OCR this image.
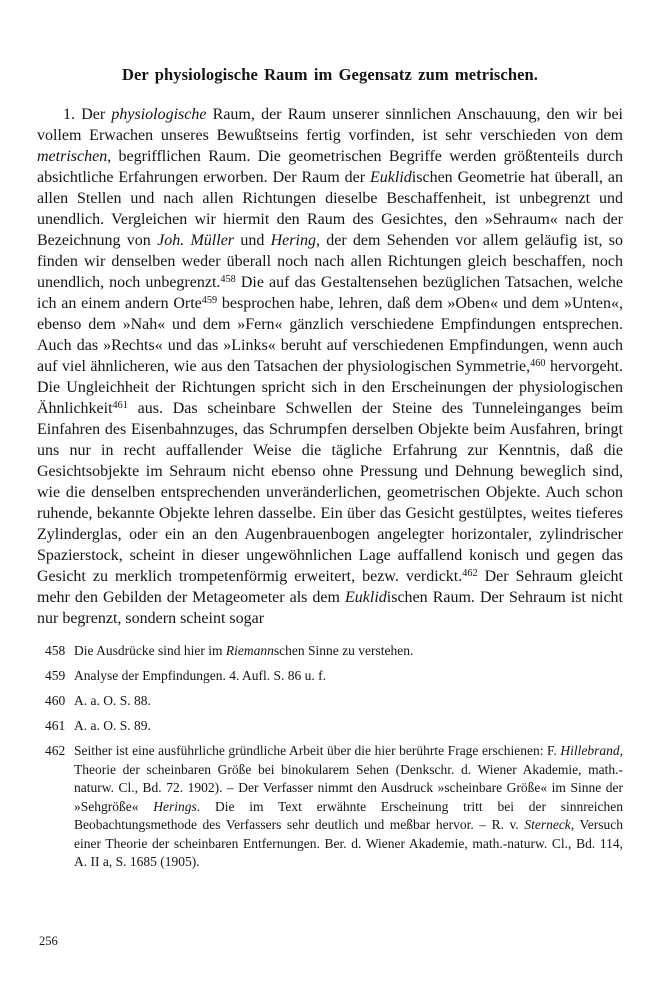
Der physiologische Raum im Gegensatz zum metrischen.

1. Der physiologische Raum, der Raum unserer sinnlichen Anschauung, den wir bei vollem Erwachen unseres Bewußtseins fertig vorfinden, ist sehr verschieden von dem metrischen, begrifflichen Raum. Die geometrischen Begriffe werden größtenteils durch absichtliche Erfahrungen erworben. Der Raum der Euklidischen Geometrie hat überall, an allen Stellen und nach allen Richtungen dieselbe Beschaffenheit, ist unbegrenzt und unendlich. Vergleichen wir hiermit den Raum des Gesichtes, den »Sehraum« nach der Bezeichnung von Joh. Müller und Hering, der dem Sehenden vor allem geläufig ist, so finden wir denselben weder überall noch nach allen Richtungen gleich beschaffen, noch unendlich, noch unbegrenzt.$^{458}$ Die auf das Gestaltensehen bezüglichen Tatsachen, welche ich an einem andern Orte$^{459}$ besprochen habe, lehren, daß dem »Oben« und dem »Unten«, ebenso dem »Nah« und dem »Fern« gänzlich verschiedene Empfindungen entsprechen. Auch das »Rechts« und das »Links« beruht auf verschiedenen Empfindungen, wenn auch auf viel ähnlicheren, wie aus den Tatsachen der physiologischen Symmetrie,$^{460}$ hervorgeht. Die Ungleichheit der Richtungen spricht sich in den Erscheinungen der physiologischen Ähnlichkeit$^{461}$ aus. Das scheinbare Schwellen der Steine des Tunneleinganges beim Einfahren des Eisenbahnzuges, das Schrumpfen derselben Objekte beim Ausfahren, bringt uns nur in recht auffallender Weise die tägliche Erfahrung zur Kenntnis, daß die Gesichtsobjekte im Sehraum nicht ebenso ohne Pressung und Dehnung beweglich sind, wie die denselben entsprechenden unveränderlichen, geometrischen Objekte. Auch schon ruhende, bekannte Objekte lehren dasselbe. Ein über das Gesicht gestülptes, weites tieferes Zylinderglas, oder ein an den Augenbrauenbogen angelegter horizontaler, zylindrischer Spazierstock, scheint in dieser ungewöhnlichen Lage auffallend konisch und gegen das Gesicht zu merklich trompetenförmig erweitert, bezw. verdickt.$^{462}$ Der Sehraum gleicht mehr den Gebilden der Metageometer als dem Euklidischen Raum. Der Sehraum ist nicht nur begrenzt, sondern scheint sogar

458 Die Ausdrücke sind hier im Riemannschen Sinne zu verstehen.
459 Analyse der Empfindungen. 4. Aufl. S. 86 u. f.
460 A. a. O. S. 88.
461 A. a. O. S. 89.
462 Seither ist eine ausführliche gründliche Arbeit über die hier berührte Frage erschienen: F. Hillebrand, Theorie der scheinbaren Größe bei binokularem Sehen (Denkschr. d. Wiener Akademie, math.-naturw. Cl., Bd. 72. 1902). – Der Verfasser nimmt den Ausdruck »scheinbare Größe« im Sinne der »Sehgröße« Herings. Die im Text erwähnte Erscheinung tritt bei der sinnreichen Beobachtungsmethode des Verfassers sehr deutlich und meßbar hervor. – R. v. Sterneck, Versuch einer Theorie der scheinbaren Entfernungen. Ber. d. Wiener Akademie, math.-naturw. Cl., Bd. 114, A. II a, S. 1685 (1905).
256
